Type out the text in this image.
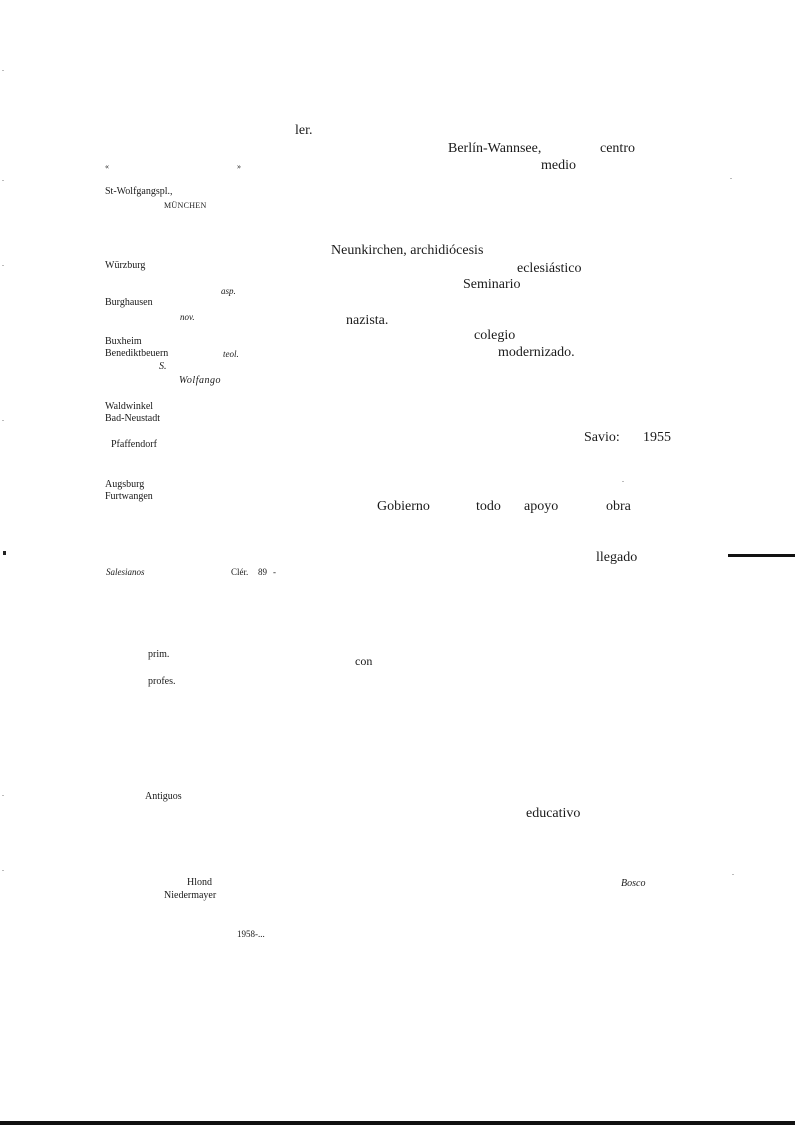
ler.
Berlín-Wannsee,	centro
medio
Neunkirchen, archidiócesis
eclesiástico
Seminario
nazista.
colegio
modernizado.
Savio: 1955
Gobierno	todo apoyo	obra
llegado
con
educativo
Bosco
«	»
St-Wolfgangspl.,
MÜNCHEN
Würzburg
asp.
Burghausen
nov.
Buxheim
Benediktbeuern	teol.
S.
Wolfango
Waldwinkel
Bad-Neustadt
Pfaffendorf
Augsburg
Furtwangen
Salesianos	Clér. 89 -
prim.
profes.
Antiguos
Hlond
Niedermayer
1958-...
